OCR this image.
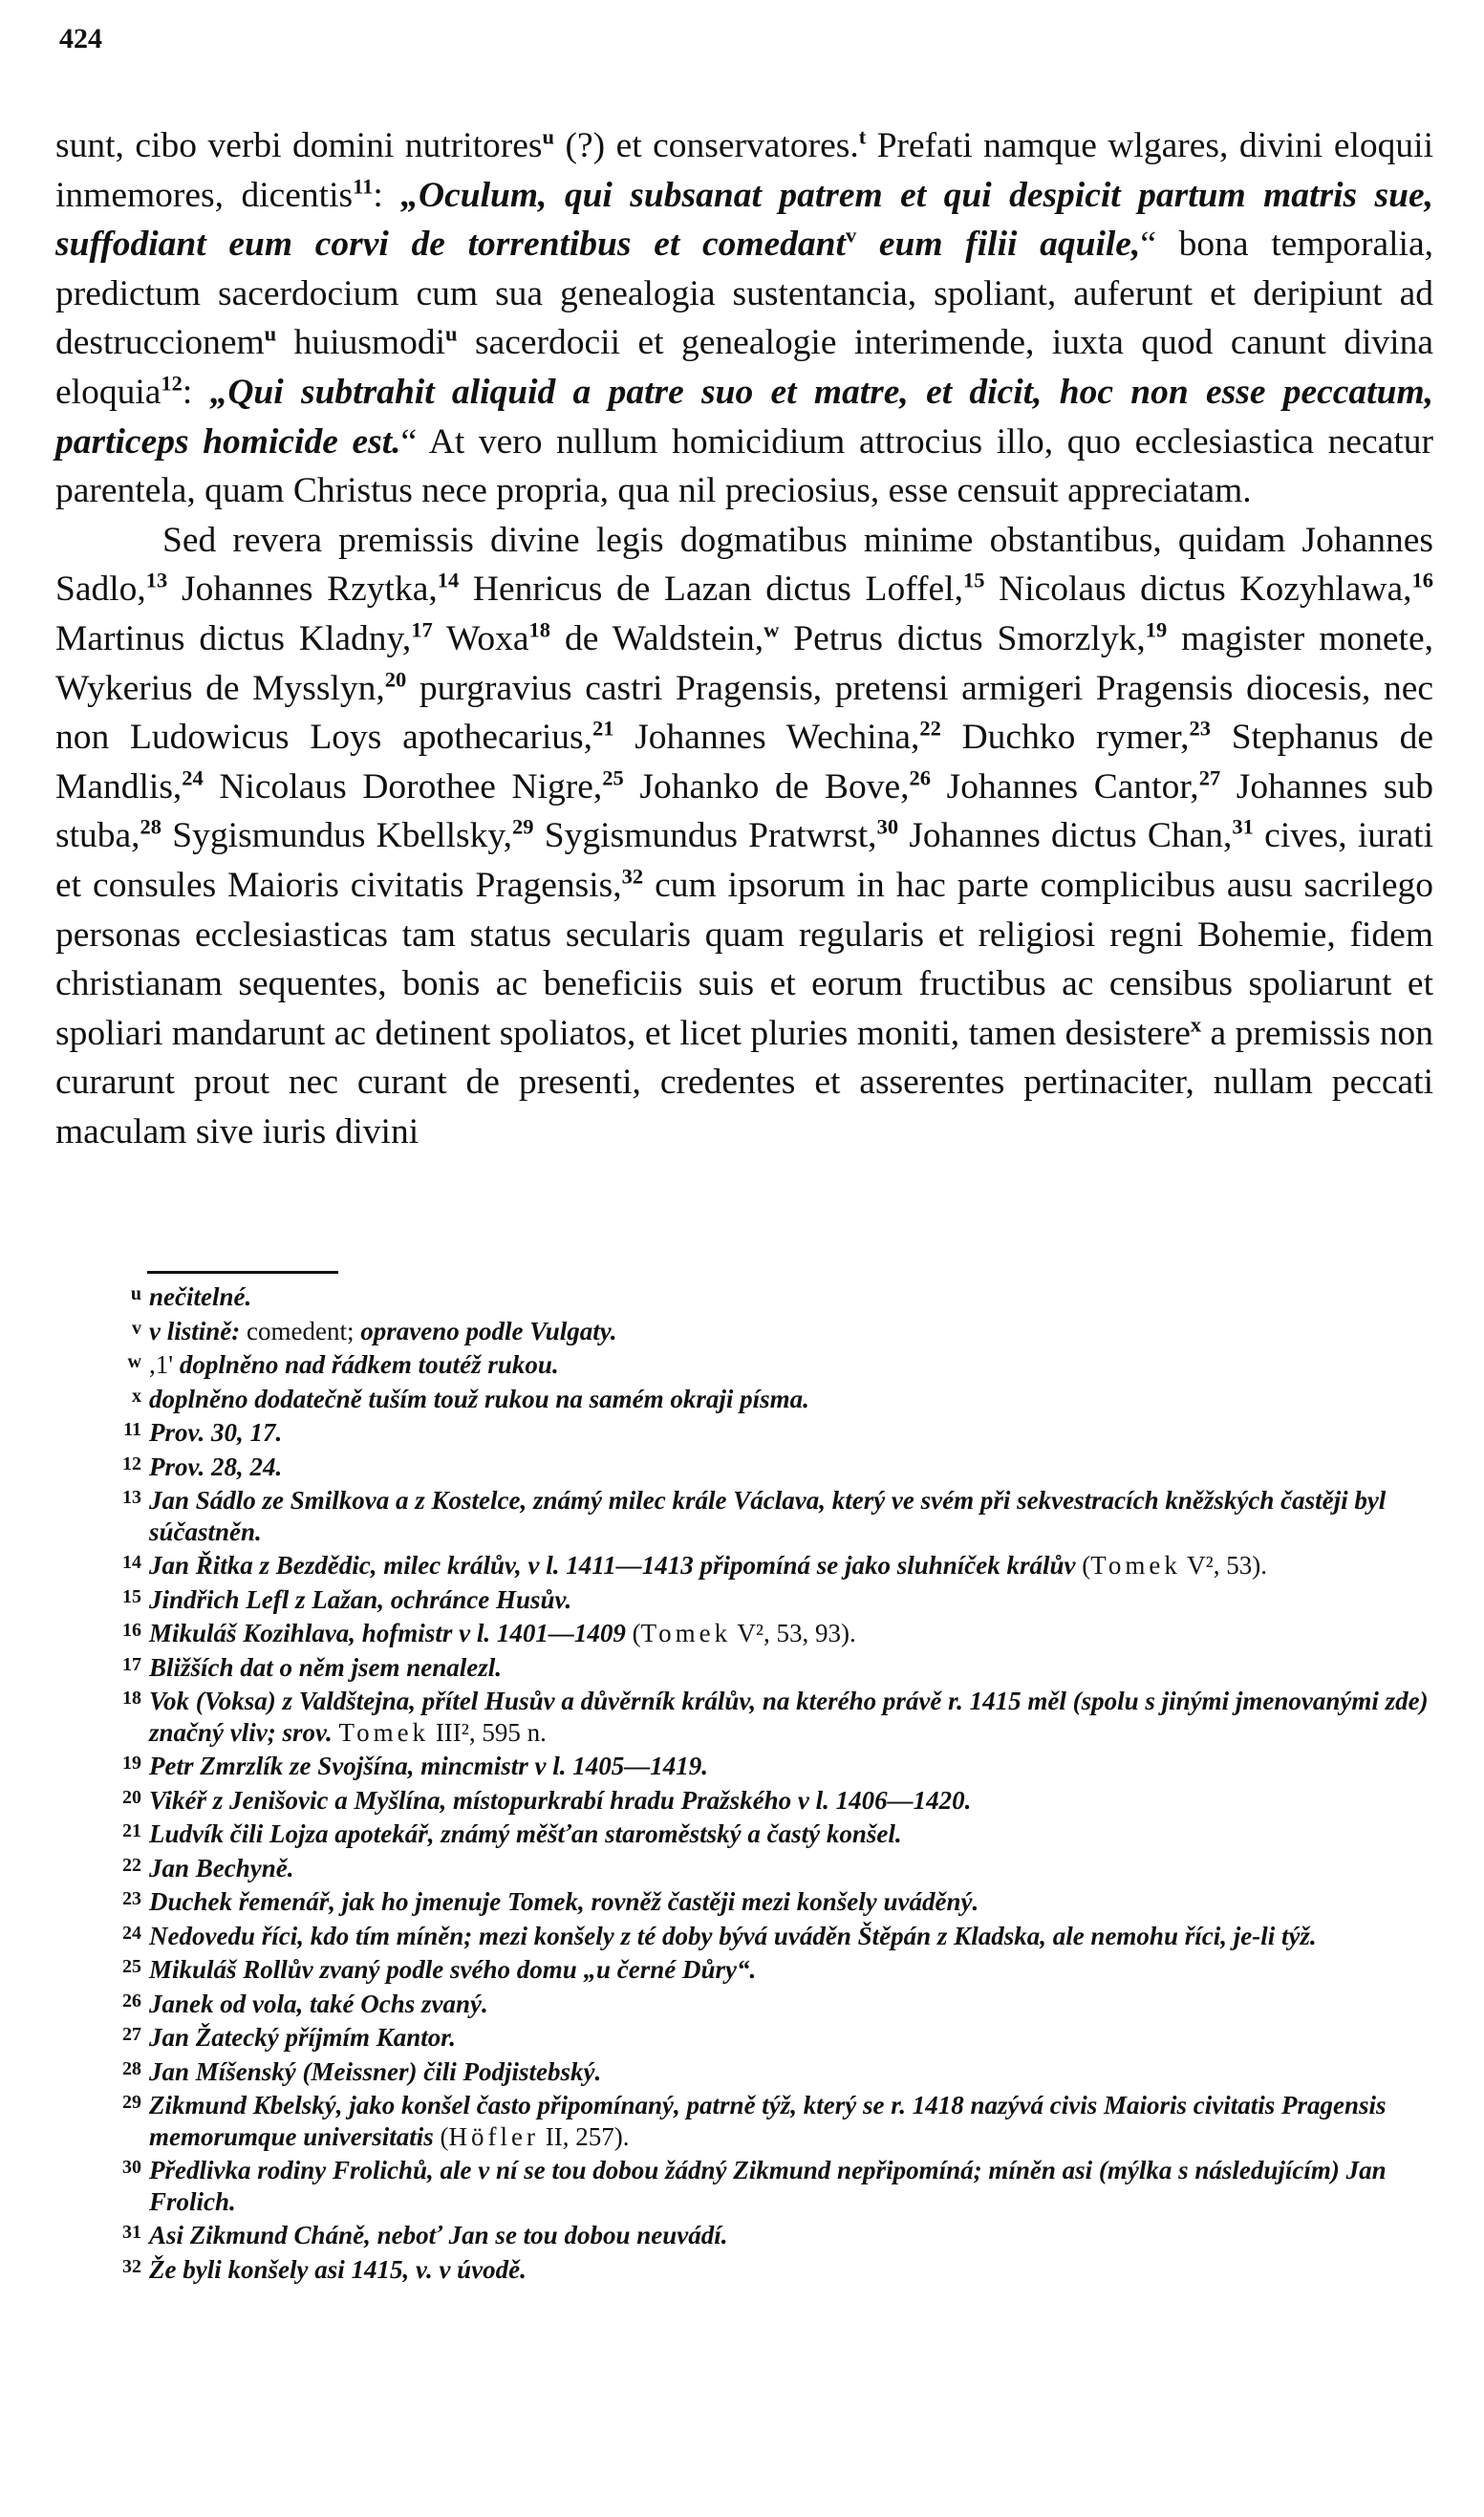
424

sunt, cibo verbi domini nutritores$^u$ (?) et conservatores.$^t$ Prefati namque wlgares, divini eloquii inmemores, dicentis$^{11}$: „Oculum, qui subsanat patrem et qui despicit partum matris sue, suffodiant eum corvi de torrentibus et comedant$^v$ eum filii aquile,“ bona temporalia, predictum sacerdocium cum sua genealogia sustentancia, spoliant, auferunt et deripiunt ad destruccionem$^u$ huiusmodi$^u$ sacerdocii et genealogie interimende, iuxta quod canunt divina eloquia$^{12}$: „Qui subtrahit aliquid a patre suo et matre, et dicit, hoc non esse peccatum, particeps homicide est.“ At vero nullum homicidium attrocius illo, quo ecclesiastica necatur parentela, quam Christus nece propria, qua nil preciosius, esse censuit appreciatam.

Sed revera premissis divine legis dogmatibus minime obstantibus, quidam Johannes Sadlo,$^{13}$ Johannes Rzytka,$^{14}$ Henricus de Lazan dictus Loffel,$^{15}$ Nicolaus dictus Kozyhlawa,$^{16}$ Martinus dictus Kladny,$^{17}$ Woxa$^{18}$ de Waldstein,$^w$ Petrus dictus Smorzlyk,$^{19}$ magister monete, Wykerius de Mysslyn,$^{20}$ purgravius castri Pragensis, pretensi armigeri Pragensis diocesis, nec non Ludowicus Loys apothecarius,$^{21}$ Johannes Wechina,$^{22}$ Duchko rymer,$^{23}$ Stephanus de Mandlis,$^{24}$ Nicolaus Dorothee Nigre,$^{25}$ Johanko de Bove,$^{26}$ Johannes Cantor,$^{27}$ Johannes sub stuba,$^{28}$ Sygismundus Kbellsky,$^{29}$ Sygismundus Pratwrst,$^{30}$ Johannes dictus Chan,$^{31}$ cives, iurati et consules Maioris civitatis Pragensis,$^{32}$ cum ipsorum in hac parte complicibus ausu sacrilego personas ecclesiasticas tam status secularis quam regularis et religiosi regni Bohemie, fidem christianam sequentes, bonis ac beneficiis suis et eorum fructibus ac censibus spoliarunt et spoliari mandarunt ac detinent spoliatos, et licet pluries moniti, tamen desistere$^x$ a premissis non curarunt prout nec curant de presenti, credentes et asserentes pertinaciter, nullam peccati maculam sive iuris divini

u nečitelné.
v v listině: comedent; opraveno podle Vulgaty.
w ,1' doplněno nad řádkem toutéž rukou.
x doplněno dodatečně tuším touž rukou na samém okraji písma.
11 Prov. 30, 17.
12 Prov. 28, 24.
13 Jan Sádlo ze Smilkova a z Kostelce, známý milec krále Václava, který ve svém při sekvestracích kněžských častěji byl súčastněn.
14 Jan Řitka z Bezdědic, milec králův, v l. 1411—1413 připomíná se jako sluhníček králův (Tomek V², 53).
15 Jindřich Lefl z Lažan, ochránce Husův.
16 Mikuláš Kozihlava, hofmistr v l. 1401—1409 (Tomek V², 53, 93).
17 Bližších dat o něm jsem nenalezl.
18 Vok (Voksa) z Valdštejna, přítel Husův a důvěrník králův, na kterého právě r. 1415 měl (spolu s jinými jmenovanými zde) značný vliv; srov. Tomek III², 595 n.
19 Petr Zmrzlík ze Svojšína, mincmistr v l. 1405—1419.
20 Vikéř z Jenišovic a Myšlína, místopurkrabí hradu Pražského v l. 1406—1420.
21 Ludvík čili Lojza apotekář, známý měšťan staroměstský a častý konšel.
22 Jan Bechyně.
23 Duchek řemenář, jak ho jmenuje Tomek, rovněž častěji mezi konšely uváděný.
24 Nedovedu říci, kdo tím míněn; mezi konšely z té doby bývá uváděn Štěpán z Kladska, ale nemohu říci, je-li týž.
25 Mikuláš Rollův zvaný podle svého domu „u černé Důry“.
26 Janek od vola, také Ochs zvaný.
27 Jan Žatecký příjmím Kantor.
28 Jan Míšenský (Meissner) čili Podjistebský.
29 Zikmund Kbelský, jako konšel často připomínaný, patrně týž, který se r. 1418 nazývá civis Maioris civitatis Pragensis memorumque universitatis (Höfler II, 257).
30 Předlivka rodiny Frolichů, ale v ní se tou dobou žádný Zikmund nepřipomíná; míněn asi (mýlka s následujícím) Jan Frolich.
31 Asi Zikmund Cháně, neboť Jan se tou dobou neuvádí.
32 Že byli konšely asi 1415, v. v úvodě.
